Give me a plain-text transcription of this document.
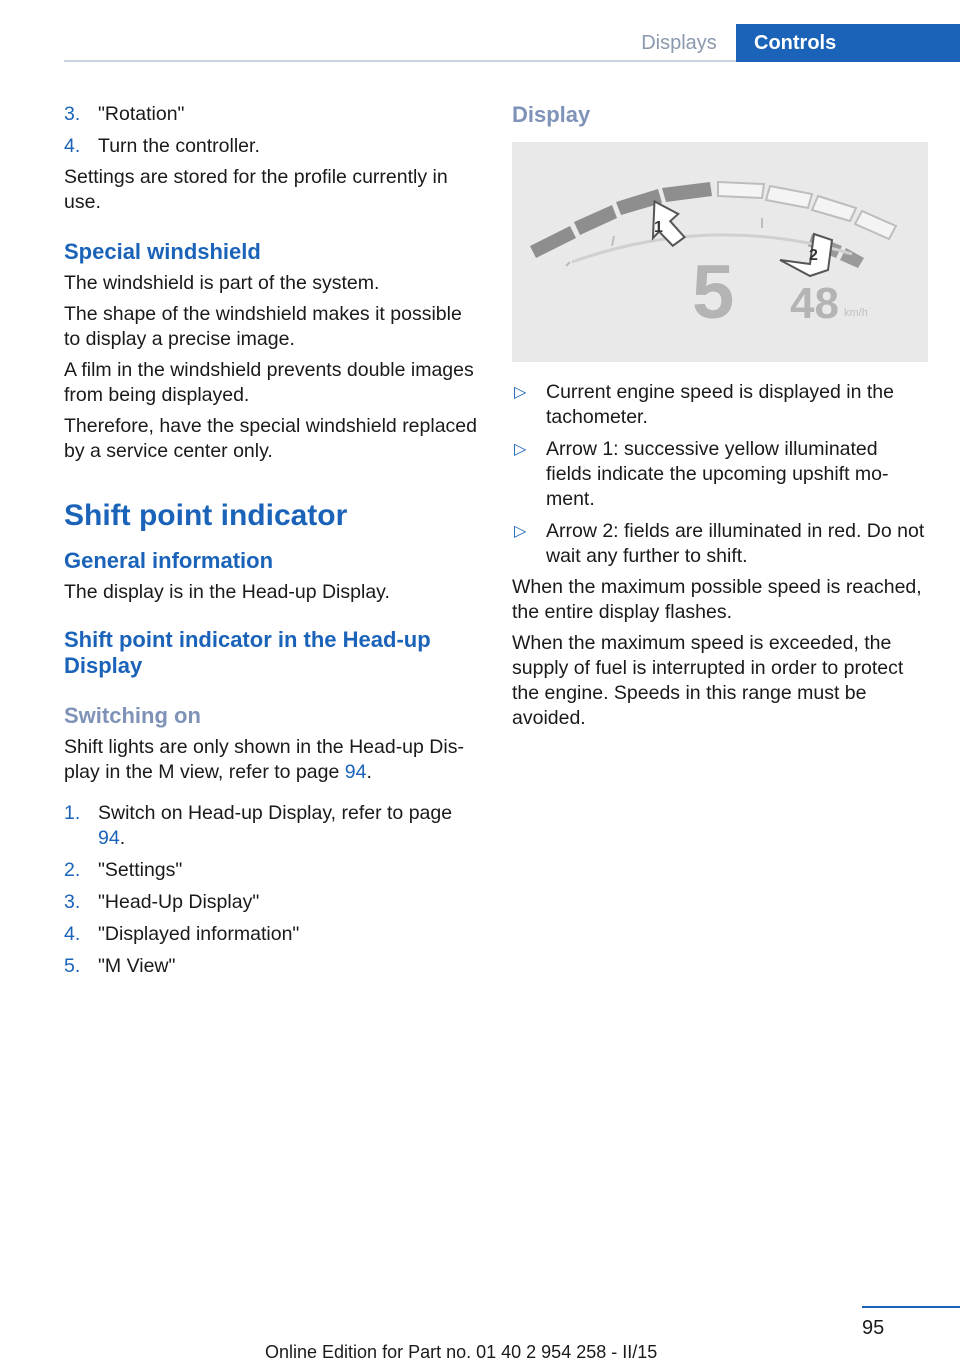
Displays	Controls
3. "Rotation"
4. Turn the controller.

Settings are stored for the profile currently in use.

Special windshield

The windshield is part of the system.

The shape of the windshield makes it possible to display a precise image.

A film in the windshield prevents double images from being displayed.

Therefore, have the special windshield replaced by a service center only.

Shift point indicator
General information

The display is in the Head-up Display.

Shift point indicator in the Head-up Display
Switching on

Shift lights are only shown in the Head-up Display in the M view, refer to page 94.

1. Switch on Head-up Display, refer to page 94.
2. "Settings"
3. "Head-Up Display"
4. "Displayed information"
5. "M View"
Display
1
2
5 48 km/h
▷ Current engine speed is displayed in the tachometer.
▷ Arrow 1: successive yellow illuminated fields indicate the upcoming upshift moment.
▷ Arrow 2: fields are illuminated in red. Do not wait any further to shift.

When the maximum possible speed is reached, the entire display flashes.

When the maximum speed is exceeded, the supply of fuel is interrupted in order to protect the engine. Speeds in this range must be avoided.

95
Online Edition for Part no. 01 40 2 954 258 - II/15
